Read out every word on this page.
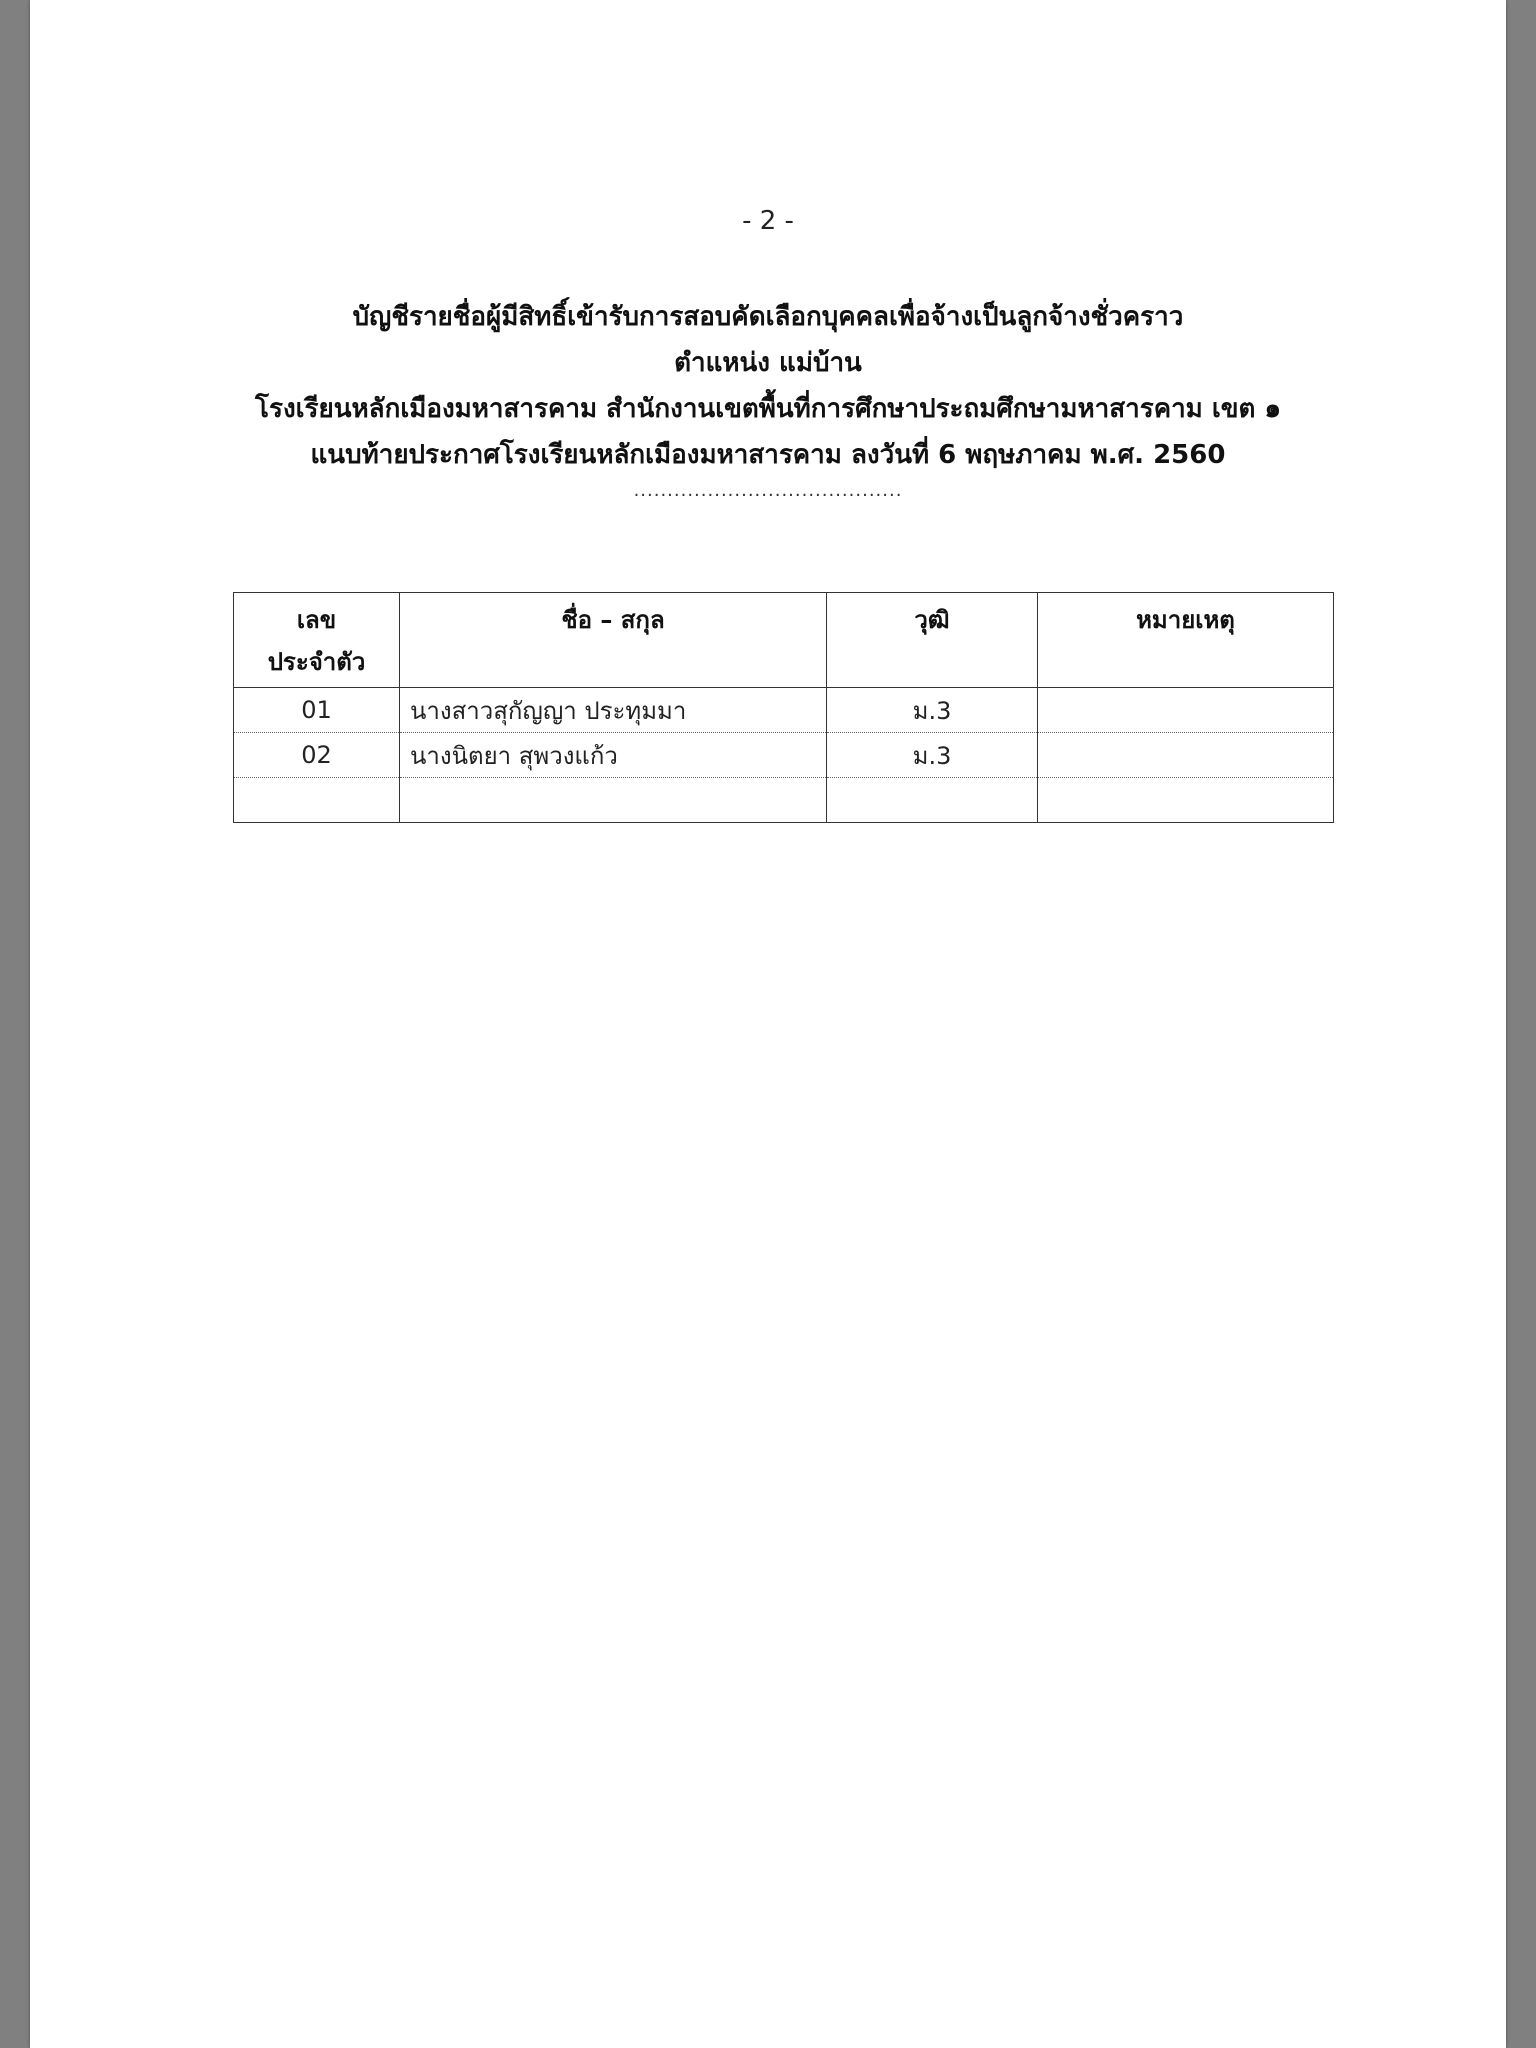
- 2 -
บัญชีรายชื่อผู้มีสิทธิ์เข้ารับการสอบคัดเลือกบุคคลเพื่อจ้างเป็นลูกจ้างชั่วคราว
ตำแหน่ง แม่บ้าน
โรงเรียนหลักเมืองมหาสารคาม สำนักงานเขตพื้นที่การศึกษาประถมศึกษามหาสารคาม เขต ๑
แนบท้ายประกาศโรงเรียนหลักเมืองมหาสารคาม ลงวันที่ 6 พฤษภาคม พ.ศ. 2560
........................................
เลข
ประจำตัว	ชื่อ – สกุล	วุฒิ	หมายเหตุ
01	นางสาวสุกัญญา ประทุมมา	ม.3	
02	นางนิตยา สุพวงแก้ว	ม.3	
